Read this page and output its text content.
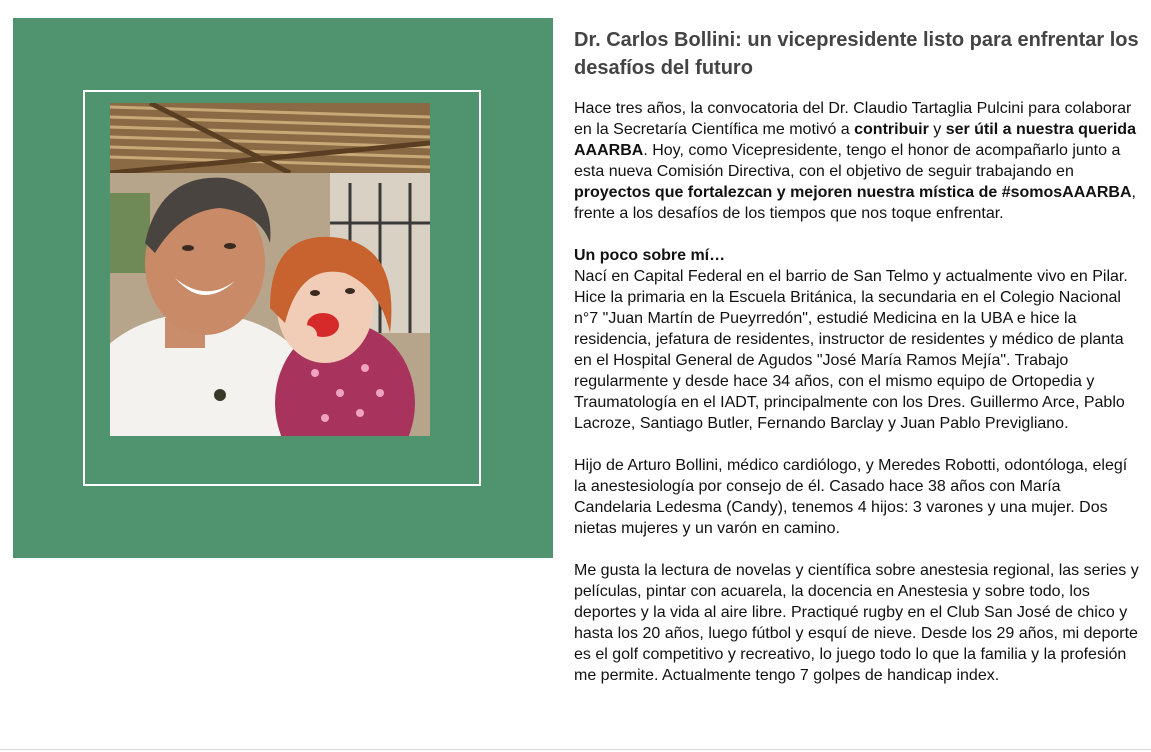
Dr. Carlos Bollini: un vicepresidente listo para enfrentar los desafíos del futuro

Hace tres años, la convocatoria del Dr. Claudio Tartaglia Pulcini para colaborar en la Secretaría Científica me motivó a contribuir y ser útil a nuestra querida AAARBA. Hoy, como Vicepresidente, tengo el honor de acompañarlo junto a esta nueva Comisión Directiva, con el objetivo de seguir trabajando en proyectos que fortalezcan y mejoren nuestra mística de #somosAAARBA, frente a los desafíos de los tiempos que nos toque enfrentar.

Un poco sobre mí…
Nací en Capital Federal en el barrio de San Telmo y actualmente vivo en Pilar. Hice la primaria en la Escuela Británica, la secundaria en el Colegio Nacional n°7 "Juan Martín de Pueyrredón", estudié Medicina en la UBA e hice la residencia, jefatura de residentes, instructor de residentes y médico de planta en el Hospital General de Agudos "José María Ramos Mejía". Trabajo regularmente y desde hace 34 años, con el mismo equipo de Ortopedia y Traumatología en el IADT, principalmente con los Dres. Guillermo Arce, Pablo Lacroze, Santiago Butler, Fernando Barclay y Juan Pablo Previgliano.

Hijo de Arturo Bollini, médico cardiólogo, y Meredes Robotti, odontóloga, elegí la anestesiología por consejo de él. Casado hace 38 años con María Candelaria Ledesma (Candy), tenemos 4 hijos: 3 varones y una mujer. Dos nietas mujeres y un varón en camino.

Me gusta la lectura de novelas y científica sobre anestesia regional, las series y películas, pintar con acuarela, la docencia en Anestesia y sobre todo, los deportes y la vida al aire libre. Practiqué rugby en el Club San José de chico y hasta los 20 años, luego fútbol y esquí de nieve. Desde los 29 años, mi deporte es el golf competitivo y recreativo, lo juego todo lo que la familia y la profesión me permite. Actualmente tengo 7 golpes de handicap index.
